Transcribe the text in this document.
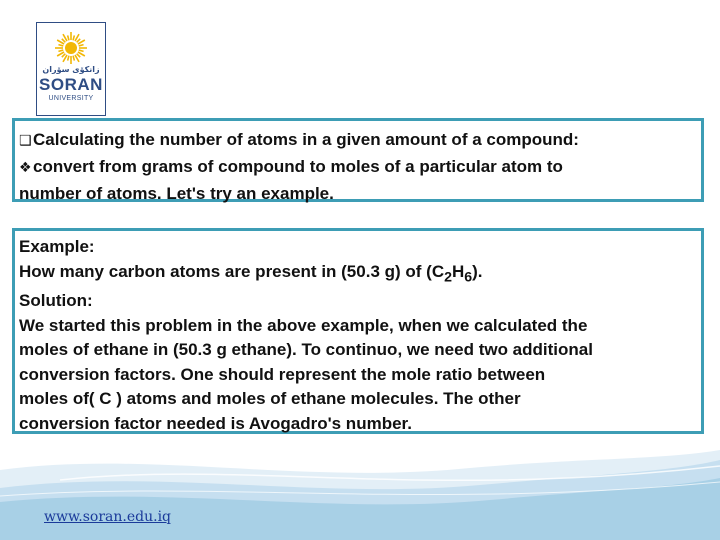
زانكۆی سۆران
SORAN
UNIVERSITY
❑Calculating the number of atoms in a given amount of a compound:
❖convert from grams of compound to moles of a particular atom to
number of atoms. Let's try an example.
Example:
How many carbon atoms are present in (50.3 g) of $(C_2H_6)$.
Solution:
We started this problem in the above example, when we calculated the
moles of ethane in (50.3 g ethane). To continuo, we need two additional
conversion factors. One should represent the mole ratio between
moles of( C ) atoms and moles of ethane molecules. The other
conversion factor needed is Avogadro's number.
www.soran.edu.iq
